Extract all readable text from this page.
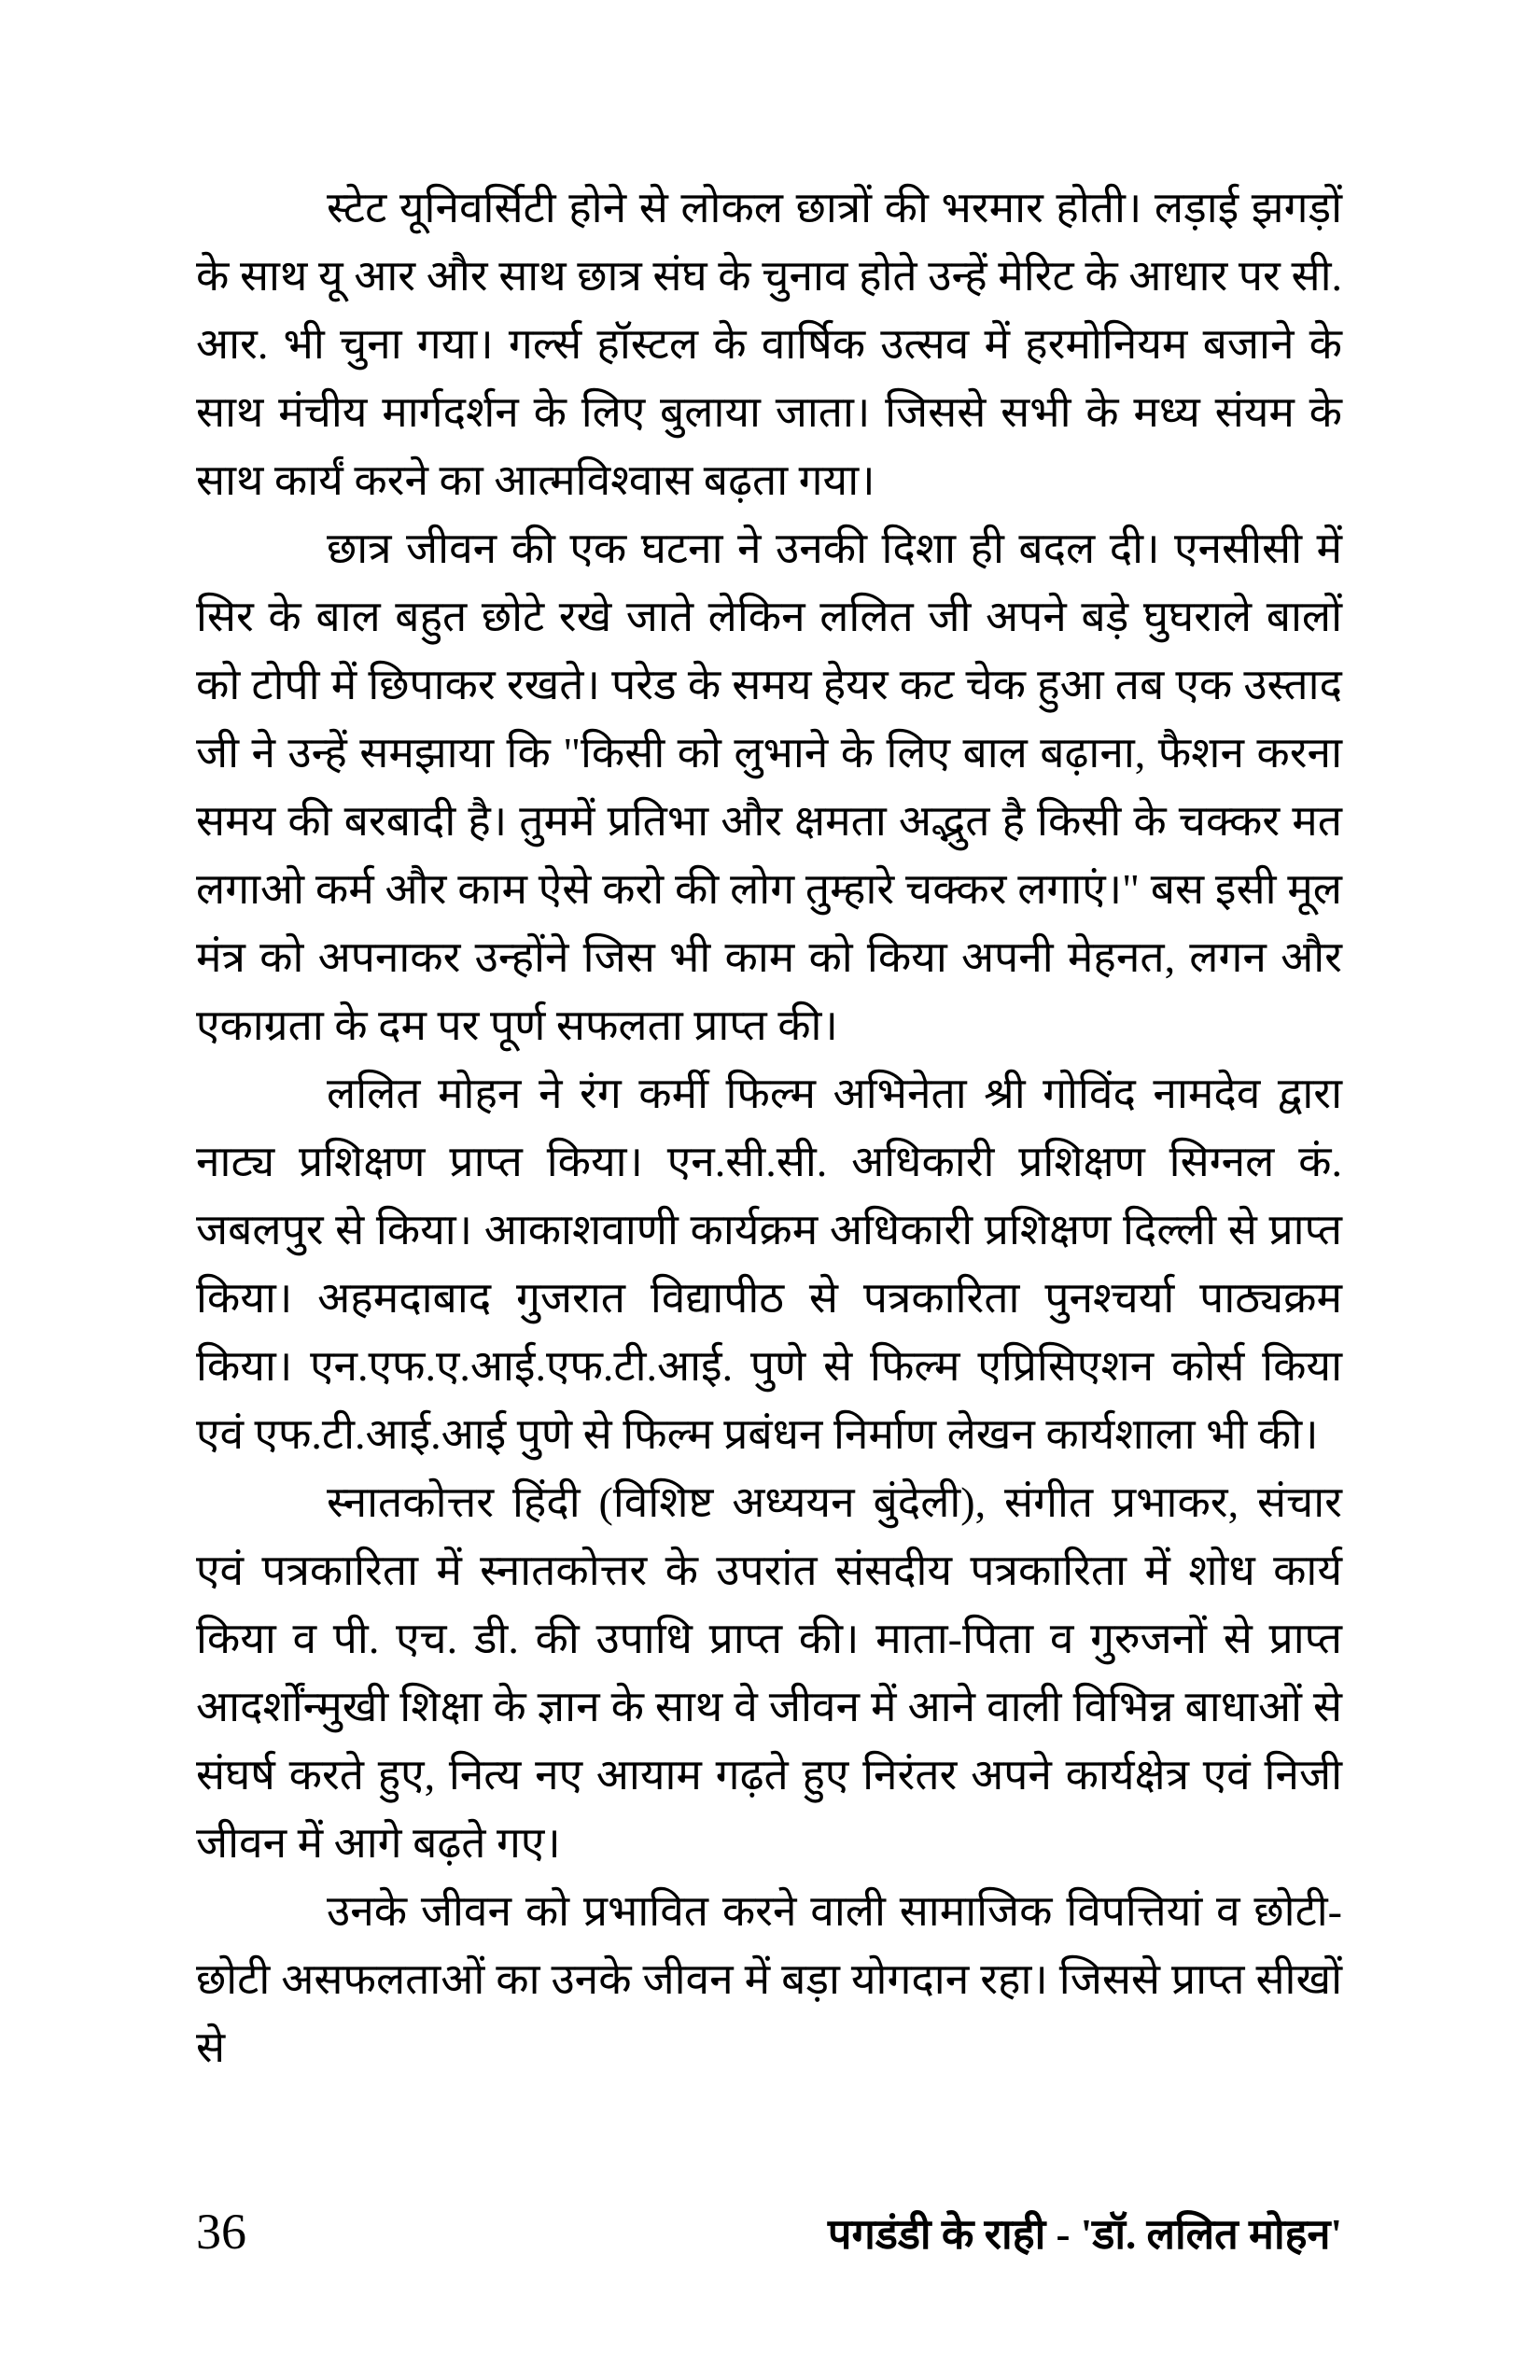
स्टेट यूनिवर्सिटी होने से लोकल छात्रों की भरमार होती। लड़ाई झगड़ों के साथ यू आर और साथ छात्र संघ के चुनाव होते उन्हें मेरिट के आधार पर सी. आर. भी चुना गया। गर्ल्स हॉस्टल के वार्षिक उत्सव में हरमोनियम बजाने के साथ मंचीय मार्गदर्शन के लिए बुलाया जाता। जिससे सभी के मध्य संयम के साथ कार्यं करने का आत्मविश्वास बढ़ता गया।

छात्र जीवन की एक घटना ने उनकी दिशा ही बदल दी। एनसीसी में सिर के बाल बहुत छोटे रखे जाते लेकिन ललित जी अपने बड़े घुघराले बालों को टोपी में छिपाकर रखते। परेड के समय हेयर कट चेक हुआ तब एक उस्ताद जी ने उन्हें समझाया कि "किसी को लुभाने के लिए बाल बढ़ाना, फैशन करना समय की बरबादी है। तुममें प्रतिभा और क्षमता अद्भुत है किसी के चक्कर मत लगाओ कर्म और काम ऐसे करो की लोग तुम्हारे चक्कर लगाएं।" बस इसी मूल मंत्र को अपनाकर उन्होंने जिस भी काम को किया अपनी मेहनत, लगन और एकाग्रता के दम पर पूर्ण सफलता प्राप्त की।

ललित मोहन ने रंग कर्मी फिल्म अभिनेता श्री गोविंद नामदेव द्वारा नाट्य प्रशिक्षण प्राप्त किया। एन.सी.सी. अधिकारी प्रशिक्षण सिग्नल कं. जबलपुर से किया। आकाशवाणी कार्यक्रम अधिकारी प्रशिक्षण दिल्ली से प्राप्त किया। अहमदाबाद गुजरात विद्यापीठ से पत्रकारिता पुनश्चर्या पाठ्यक्रम किया। एन.एफ.ए.आई.एफ.टी.आई. पुणे से फिल्म एप्रिसिएशन कोर्स किया एवं एफ.टी.आई.आई पुणे से फिल्म प्रबंधन निर्माण लेखन कार्यशाला भी की।

स्नातकोत्तर हिंदी (विशिष्ट अध्ययन बुंदेली), संगीत प्रभाकर, संचार एवं पत्रकारिता में स्नातकोत्तर के उपरांत संसदीय पत्रकारिता में शोध कार्य किया व पी. एच. डी. की उपाधि प्राप्त की। माता-पिता व गुरुजनों से प्राप्त आदर्शोंन्मुखी शिक्षा के ज्ञान के साथ वे जीवन में आने वाली विभिन्न बाधाओं से संघर्ष करते हुए, नित्य नए आयाम गढ़ते हुए निरंतर अपने कार्यक्षेत्र एवं निजी जीवन में आगे बढ़ते गए।

उनके जीवन को प्रभावित करने वाली सामाजिक विपत्तियां व छोटी-छोटी असफलताओं का उनके जीवन में बड़ा योगदान रहा। जिससे प्राप्त सीखों से

36	पगडंडी के राही - 'डॉ. ललित मोहन'
